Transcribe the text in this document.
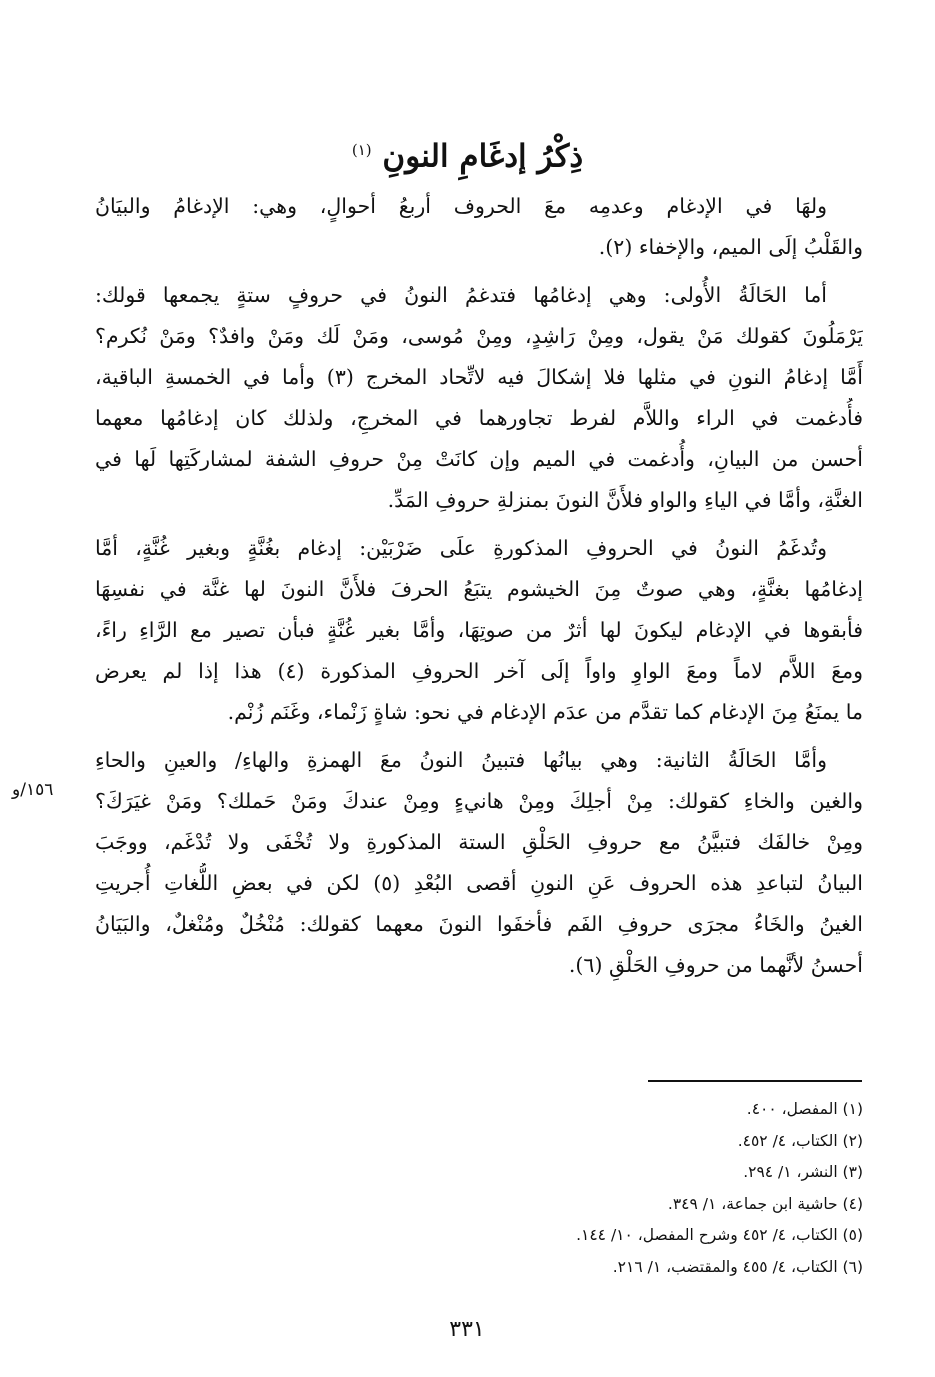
ذِكْرُ إدغَامِ النونِ $^{(١)}$
١٥٦/و

ولهَا في الإدغام وعدمِه معَ الحروف أربعُ أحوالٍ، وهي: الإدغامُ والبيَانُ
والقَلْبُ إلَى الميم، والإخفاء (٢).

أما الحَالَةُ الأُولى: وهي إدغامُها فتدغمُ النونُ في حروفٍ ستةٍ يجمعها قولك:
يَرْمَلُونَ كقولك مَنْ يقول، ومِنْ رَاشِدٍ، ومِنْ مُوسى، ومَنْ لَك ومَنْ وافدٌ؟ ومَنْ نُكرم؟
أَمَّا إدغامُ النونِ في مثلها فلا إشكالَ فيه لاتِّحاد المخرج (٣) وأما في الخمسةِ الباقية،
فأُدغمت في الراء واللاَّم لفرط تجاورهما في المخرجِ، ولذلك كان إدغامُها معهما
أحسن من البيانِ، وأُدغمت في الميم وإن كانَتْ مِنْ حروفِ الشفة لمشاركَتِها لَها في
الغنَّةِ، وأمَّا في الياءِ والواو فلأَنَّ النونَ بمنزلةِ حروفِ المَدِّ.

وتُدغَمُ النونُ في الحروفِ المذكورةِ علَى ضَرْبَيْن: إدغام بغُنَّةٍ وبغير غُنَّةٍ، أمَّا
إدغامُها بغنَّةٍ، وهي صوتٌ مِنَ الخيشوم يتبَعُ الحرفَ فلأَنَّ النونَ لها غنَّة في نفسِهَا
فأبقوها في الإدغام ليكونَ لها أثرٌ من صوتِهَا، وأمَّا بغير غُنَّةٍ فبأن تصير مع الرَّاءِ راءً،
ومعَ اللاَّم لاماً ومعَ الواوِ واواً إلَى آخر الحروفِ المذكورة (٤) هذا إذا لم يعرض
ما يمنَعُ مِنَ الإدغام كما تقدَّم من عدَم الإدغام في نحو: شاةٍ زَنْماء، وغَنَم زُنْم.

وأمَّا الحَالَةُ الثانية: وهي بيانُها فتبينُ النونُ معَ الهمزةِ والهاءِ/ والعينِ والحاءِ
والغين والخاءِ كقولك: مِنْ أجلِكَ ومِنْ هانيءٍ ومِنْ عندكَ ومَنْ حَملك؟ ومَنْ غيَرَكَ؟
ومِنْ خالفَك فتبيَّنُ مع حروفِ الحَلْقِ الستة المذكورةِ ولا تُخْفَى ولا تُدْغَم، ووجَبَ
البيانُ لتباعدِ هذه الحروف عَنِ النونِ أقصى البُعْدِ (٥) لكن في بعضِ اللُّغاتِ أُجريتِ
الغينُ والخَاءُ مجرَى حروفِ الفَم فأخفَوا النونَ معهما كقولك: مُنْخُلٌ ومُنْغلٌ، والبَيَانُ
أحسنُ لأنَّهما من حروفِ الحَلْقِ (٦).

(١) المفصل، ٤٠٠.
(٢) الكتاب، ٤/ ٤٥٢.
(٣) النشر، ١/ ٢٩٤.
(٤) حاشية ابن جماعة، ١/ ٣٤٩.
(٥) الكتاب، ٤/ ٤٥٢ وشرح المفصل، ١٠/ ١٤٤.
(٦) الكتاب، ٤/ ٤٥٥ والمقتضب، ١/ ٢١٦.
٣٣١
